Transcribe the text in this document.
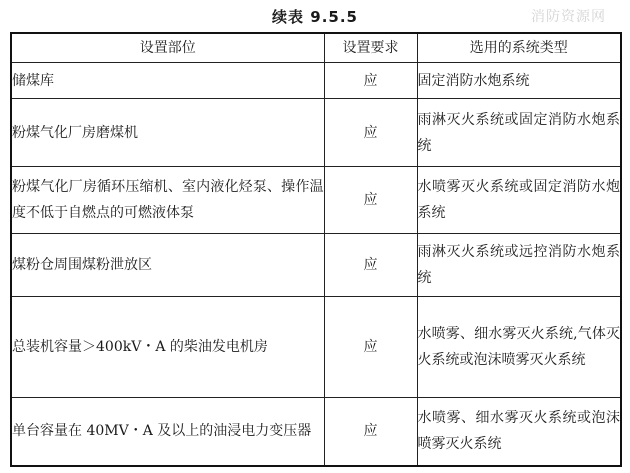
续表 9.5.5	消防资源网
设置部位	设置要求	选用的系统类型
储煤库	应	固定消防水炮系统
粉煤气化厂房磨煤机	应	雨淋灭火系统或固定消防水炮系统
粉煤气化厂房循环压缩机、室内液化烃泵、操作温度不低于自燃点的可燃液体泵	应	水喷雾灭火系统或固定消防水炮系统
煤粉仓周围煤粉泄放区	应	雨淋灭火系统或远控消防水炮系统
总装机容量＞400kV・A 的柴油发电机房	应	水喷雾、细水雾灭火系统,气体灭火系统或泡沫喷雾灭火系统
单台容量在 40MV・A 及以上的油浸电力变压器	应	水喷雾、细水雾灭火系统或泡沫喷雾灭火系统
